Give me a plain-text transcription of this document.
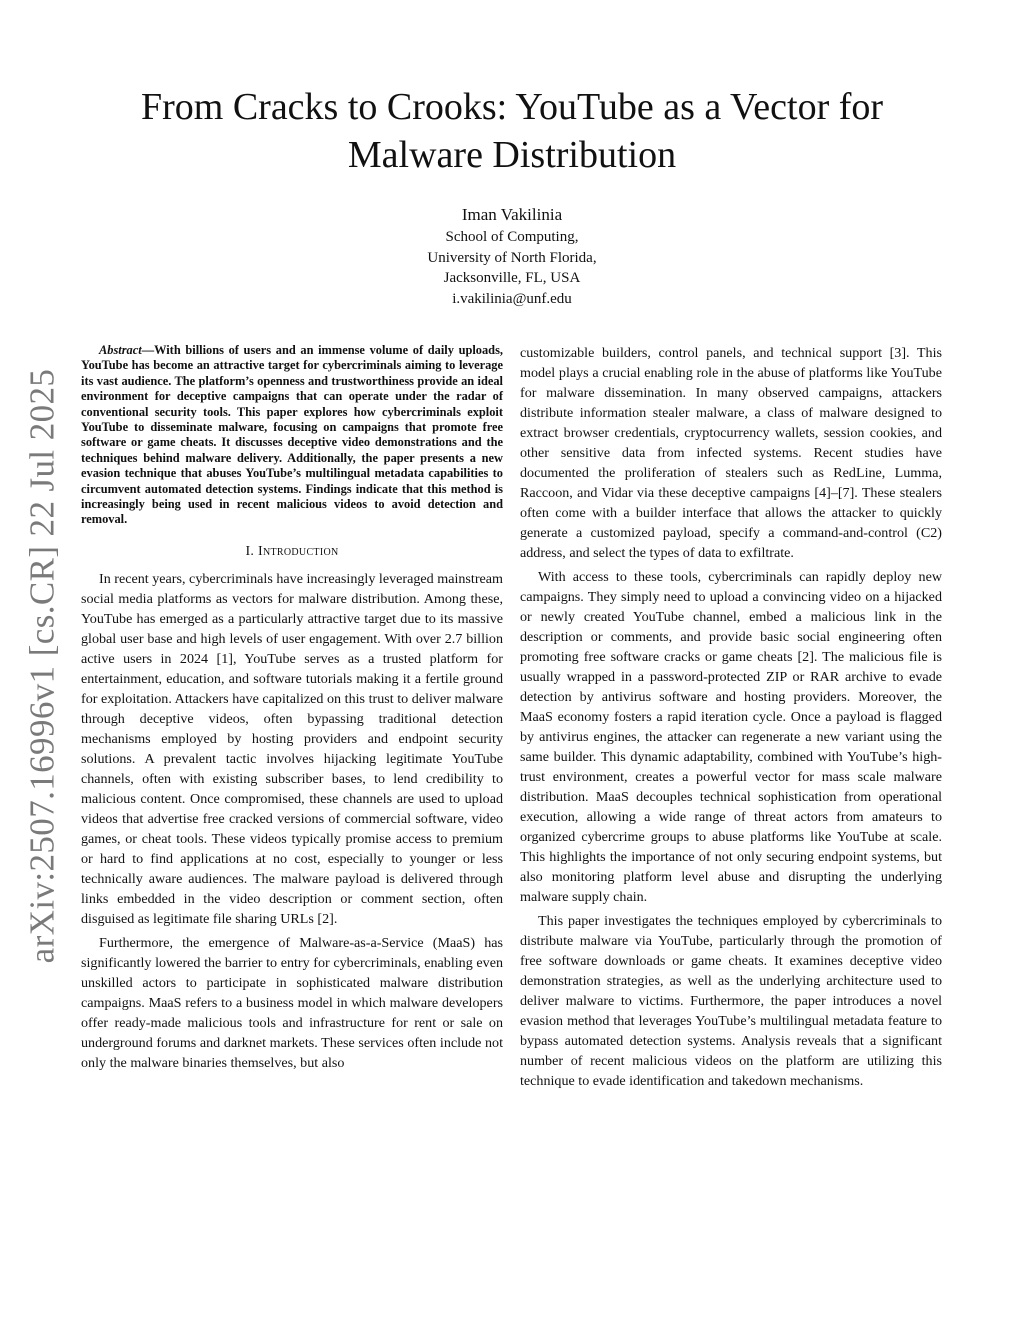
arXiv:2507.16996v1 [cs.CR] 22 Jul 2025
From Cracks to Crooks: YouTube as a Vector for
Malware Distribution
Iman Vakilinia
School of Computing,
University of North Florida,
Jacksonville, FL, USA
i.vakilinia@unf.edu

Abstract—With billions of users and an immense volume of daily uploads, YouTube has become an attractive target for cybercriminals aiming to leverage its vast audience. The platform’s openness and trustworthiness provide an ideal environment for deceptive campaigns that can operate under the radar of conventional security tools. This paper explores how cybercriminals exploit YouTube to disseminate malware, focusing on campaigns that promote free software or game cheats. It discusses deceptive video demonstrations and the techniques behind malware delivery. Additionally, the paper presents a new evasion technique that abuses YouTube’s multilingual metadata capabilities to circumvent automated detection systems. Findings indicate that this method is increasingly being used in recent malicious videos to avoid detection and removal.

I. Introduction

In recent years, cybercriminals have increasingly leveraged mainstream social media platforms as vectors for malware distribution. Among these, YouTube has emerged as a particularly attractive target due to its massive global user base and high levels of user engagement. With over 2.7 billion active users in 2024 [1], YouTube serves as a trusted platform for entertainment, education, and software tutorials making it a fertile ground for exploitation. Attackers have capitalized on this trust to deliver malware through deceptive videos, often bypassing traditional detection mechanisms employed by hosting providers and endpoint security solutions. A prevalent tactic involves hijacking legitimate YouTube channels, often with existing subscriber bases, to lend credibility to malicious content. Once compromised, these channels are used to upload videos that advertise free cracked versions of commercial software, video games, or cheat tools. These videos typically promise access to premium or hard to find applications at no cost, especially to younger or less technically aware audiences. The malware payload is delivered through links embedded in the video description or comment section, often disguised as legitimate file sharing URLs [2].

Furthermore, the emergence of Malware-as-a-Service (MaaS) has significantly lowered the barrier to entry for cybercriminals, enabling even unskilled actors to participate in sophisticated malware distribution campaigns. MaaS refers to a business model in which malware developers offer ready-made malicious tools and infrastructure for rent or sale on underground forums and darknet markets. These services often include not only the malware binaries themselves, but also

customizable builders, control panels, and technical support [3]. This model plays a crucial enabling role in the abuse of platforms like YouTube for malware dissemination. In many observed campaigns, attackers distribute information stealer malware, a class of malware designed to extract browser credentials, cryptocurrency wallets, session cookies, and other sensitive data from infected systems. Recent studies have documented the proliferation of stealers such as RedLine, Lumma, Raccoon, and Vidar via these deceptive campaigns [4]–[7]. These stealers often come with a builder interface that allows the attacker to quickly generate a customized payload, specify a command-and-control (C2) address, and select the types of data to exfiltrate.

With access to these tools, cybercriminals can rapidly deploy new campaigns. They simply need to upload a convincing video on a hijacked or newly created YouTube channel, embed a malicious link in the description or comments, and provide basic social engineering often promoting free software cracks or game cheats [2]. The malicious file is usually wrapped in a password-protected ZIP or RAR archive to evade detection by antivirus software and hosting providers. Moreover, the MaaS economy fosters a rapid iteration cycle. Once a payload is flagged by antivirus engines, the attacker can regenerate a new variant using the same builder. This dynamic adaptability, combined with YouTube’s high-trust environment, creates a powerful vector for mass scale malware distribution. MaaS decouples technical sophistication from operational execution, allowing a wide range of threat actors from amateurs to organized cybercrime groups to abuse platforms like YouTube at scale. This highlights the importance of not only securing endpoint systems, but also monitoring platform level abuse and disrupting the underlying malware supply chain.

This paper investigates the techniques employed by cybercriminals to distribute malware via YouTube, particularly through the promotion of free software downloads or game cheats. It examines deceptive video demonstration strategies, as well as the underlying architecture used to deliver malware to victims. Furthermore, the paper introduces a novel evasion method that leverages YouTube’s multilingual metadata feature to bypass automated detection systems. Analysis reveals that a significant number of recent malicious videos on the platform are utilizing this technique to evade identification and takedown mechanisms.
